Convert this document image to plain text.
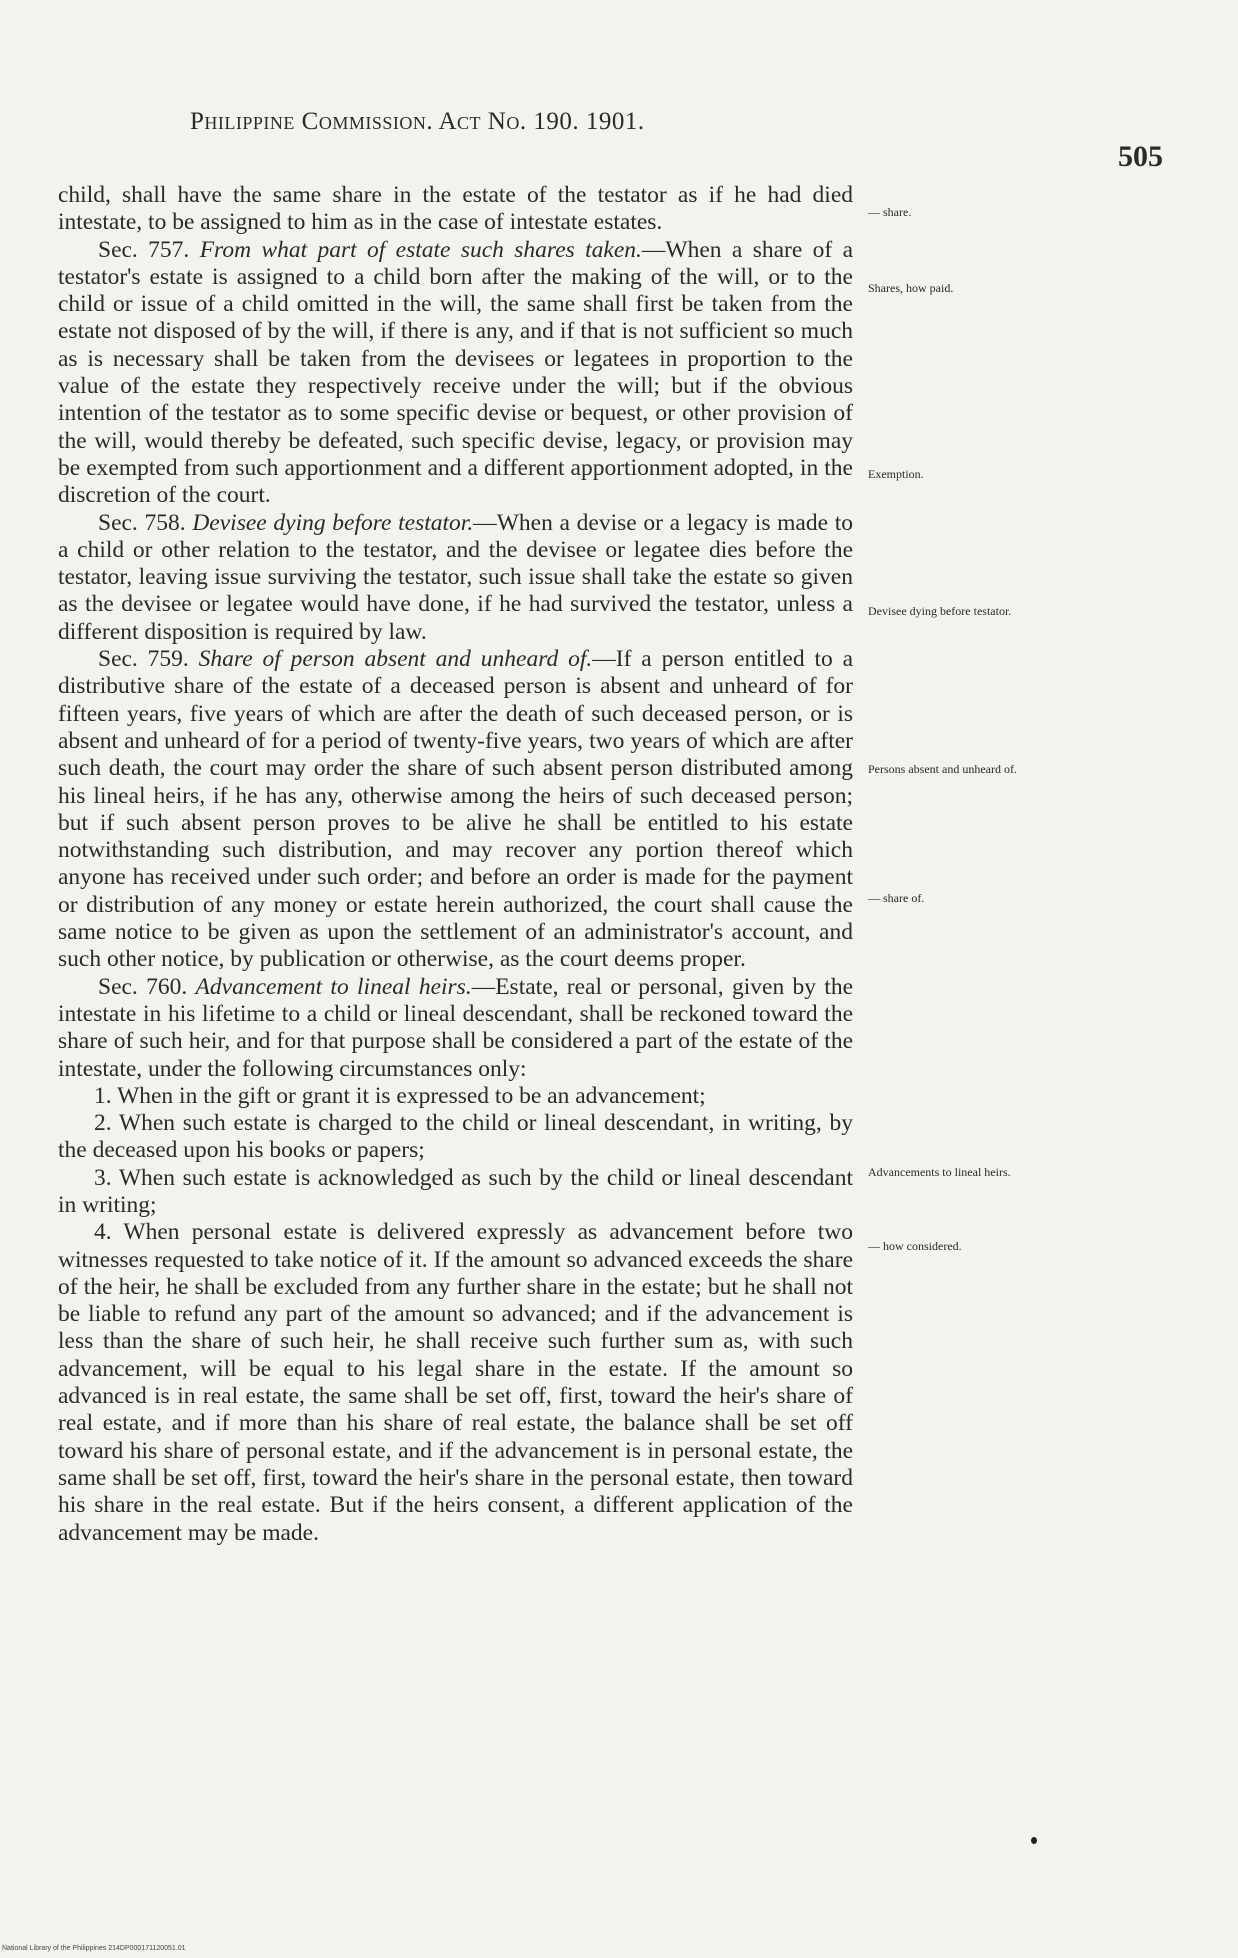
Philippine Commission. Act No. 190. 1901.
505

child, shall have the same share in the estate of the testator as if he had died intestate, to be assigned to him as in the case of intestate estates.

Sec. 757. From what part of estate such shares taken.—When a share of a testator's estate is assigned to a child born after the making of the will, or to the child or issue of a child omitted in the will, the same shall first be taken from the estate not disposed of by the will, if there is any, and if that is not sufficient so much as is necessary shall be taken from the devisees or legatees in proportion to the value of the estate they respectively receive under the will; but if the obvious intention of the testator as to some specific devise or bequest, or other provision of the will, would thereby be defeated, such specific devise, legacy, or provision may be exempted from such apportionment and a different apportionment adopted, in the discretion of the court.

Sec. 758. Devisee dying before testator.—When a devise or a legacy is made to a child or other relation to the testator, and the devisee or legatee dies before the testator, leaving issue surviving the testator, such issue shall take the estate so given as the devisee or legatee would have done, if he had survived the testator, unless a different disposition is required by law.

Sec. 759. Share of person absent and unheard of.—If a person entitled to a distributive share of the estate of a deceased person is absent and unheard of for fifteen years, five years of which are after the death of such deceased person, or is absent and unheard of for a period of twenty-five years, two years of which are after such death, the court may order the share of such absent person distributed among his lineal heirs, if he has any, otherwise among the heirs of such deceased person; but if such absent person proves to be alive he shall be entitled to his estate notwithstanding such distribution, and may recover any portion thereof which anyone has received under such order; and before an order is made for the payment or distribution of any money or estate herein authorized, the court shall cause the same notice to be given as upon the settlement of an administrator's account, and such other notice, by publication or otherwise, as the court deems proper.

Sec. 760. Advancement to lineal heirs.—Estate, real or personal, given by the intestate in his lifetime to a child or lineal descendant, shall be reckoned toward the share of such heir, and for that purpose shall be considered a part of the estate of the intestate, under the following circumstances only:

1. When in the gift or grant it is expressed to be an advancement;

2. When such estate is charged to the child or lineal descendant, in writing, by the deceased upon his books or papers;

3. When such estate is acknowledged as such by the child or lineal descendant in writing;

4. When personal estate is delivered expressly as advancement before two witnesses requested to take notice of it. If the amount so advanced exceeds the share of the heir, he shall be excluded from any further share in the estate; but he shall not be liable to refund any part of the amount so advanced; and if the advancement is less than the share of such heir, he shall receive such further sum as, with such advancement, will be equal to his legal share in the estate. If the amount so advanced is in real estate, the same shall be set off, first, toward the heir's share of real estate, and if more than his share of real estate, the balance shall be set off toward his share of personal estate, and if the advancement is in personal estate, the same shall be set off, first, toward the heir's share in the personal estate, then toward his share in the real estate. But if the heirs consent, a different application of the advancement may be made.

— share.
Shares, how paid.
Exemption.
Devisee dying before testator.
Persons absent and unheard of.
— share of.
Advancements to lineal heirs.
— how considered.
National Library of the Philippines 214DP000171120051.01
